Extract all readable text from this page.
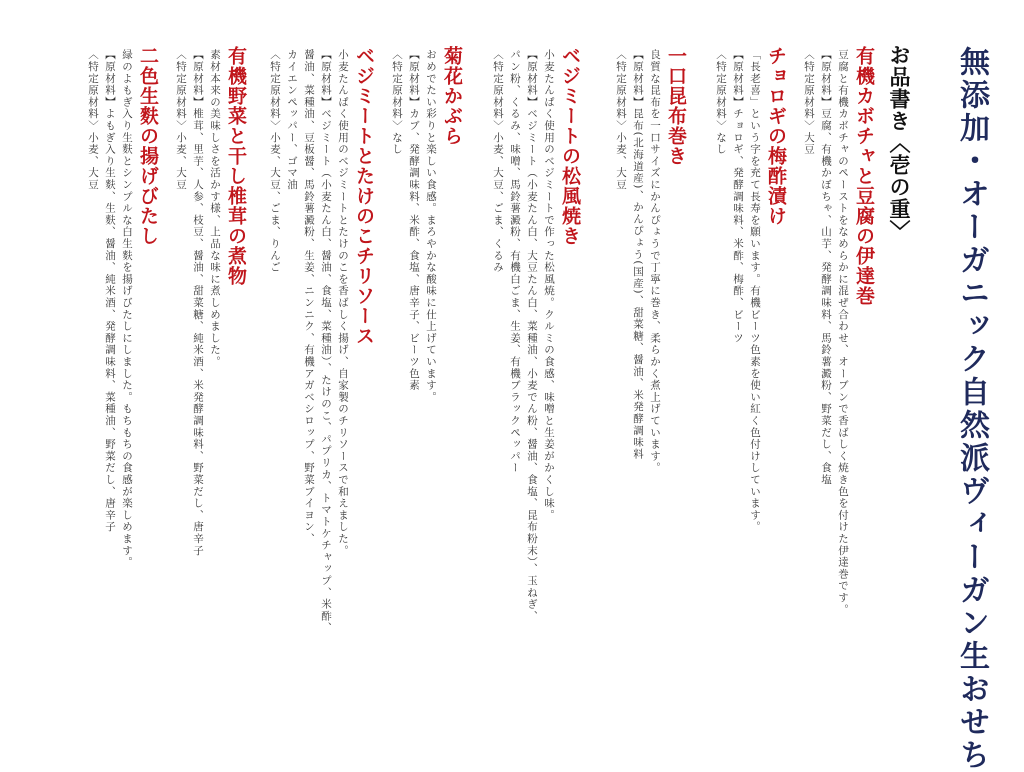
無添加・オーガニック自然派ヴィーガン生おせち
お品書き〈壱の重〉
有機カボチャと豆腐の伊達巻
豆腐と有機カボチャのペーストをなめらかに混ぜ合わせ、オーブンで香ばしく焼き色を付けた伊達巻です。
【原材料】豆腐、有機かぼちゃ、山芋、発酵調味料、馬鈴薯澱粉、野菜だし、食塩
〈特定原材料〉大豆
チョロギの梅酢漬け
「長老喜」という字を充て長寿を願います。有機ビーツ色素を使い紅く色付けしています。
【原材料】チョロギ、発酵調味料、米酢、梅酢、ビーツ
〈特定原材料〉なし
一口昆布巻き
良質な昆布を一口サイズにかんぴょうで丁寧に巻き、柔らかく煮上げています。
【原材料】昆布(北海道産)、かんぴょう(国産)、甜菜糖、醤油、米発酵調味料
〈特定原材料〉小麦、大豆
ベジミートの松風焼き
小麦たんぱく使用のベジミートで作った松風焼。クルミの食感、味噌と生姜がかくし味。
【原材料】ベジミート（小麦たん白、大豆たん白、菜種油、小麦でん粉、醤油、食塩、昆布粉末）、玉ねぎ、
パン粉、くるみ、味噌、馬鈴薯澱粉、有機白ごま、生姜、有機ブラックペッパー
〈特定原材料〉小麦、大豆、ごま、くるみ
菊花かぶら
おめでたい彩りと楽しい食感。まろやかな酸味に仕上げています。
【原材料】カブ、発酵調味料、米酢、食塩、唐辛子、ビーツ色素
〈特定原材料〉なし
ベジミートとたけのこチリソース
小麦たんぱく使用のベジミートとたけのこを香ばしく揚げ、自家製のチリソースで和えました。
【原材料】ベジミート（小麦たん白、醤油、食塩、菜種油）、たけのこ、パプリカ、トマトケチャップ、米酢、
醤油、菜種油、豆板醤、馬鈴薯澱粉、生姜、ニンニク、有機アガベシロップ、野菜ブイヨン、
カイエンペッパー、ゴマ油
〈特定原材料〉小麦、大豆、ごま、りんご
有機野菜と干し椎茸の煮物
素材本来の美味しさを活かす様、上品な味に煮しめました。
【原材料】椎茸、里芋、人参、枝豆、醤油、甜菜糖、純米酒、米発酵調味料、野菜だし、唐辛子
〈特定原材料〉小麦、大豆
二色生麩の揚げびたし
緑のよもぎ入り生麩とシンプルな白生麩を揚げびたしにしました。もちもちの食感が楽しめます。
【原材料】よもぎ入り生麩、生麩、醤油、純米酒、発酵調味料、菜種油、野菜だし、唐辛子
〈特定原材料〉小麦、大豆
